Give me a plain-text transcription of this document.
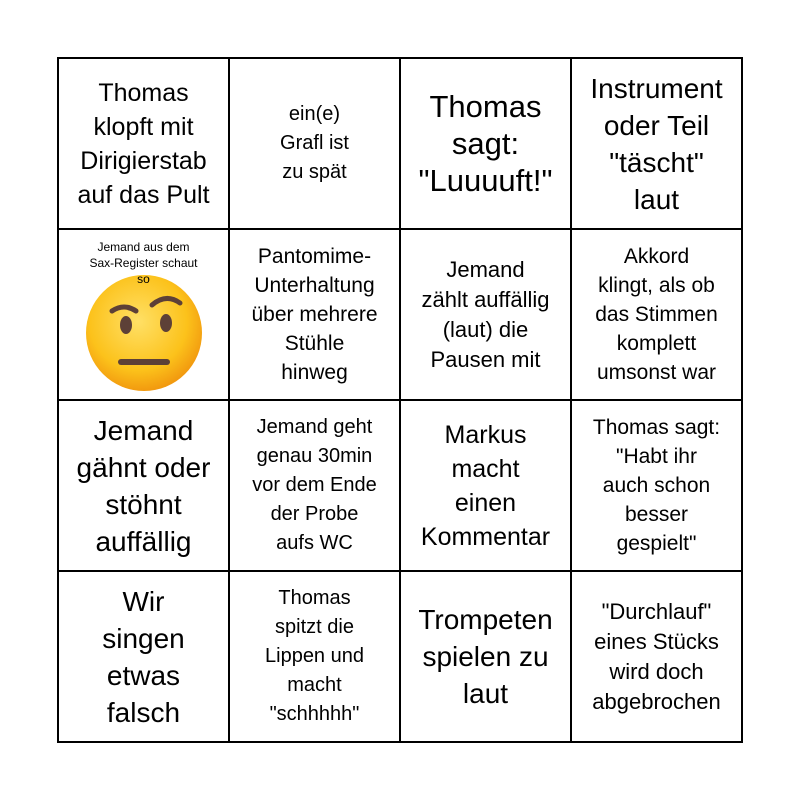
Thomas
klopft mit
Dirigierstab
auf das Pult
ein(e)
Grafl ist
zu spät
Thomas
sagt:
"Luuuuft!"
Instrument
oder Teil
"täscht"
laut
Jemand aus dem
Sax-Register schaut
so
Pantomime-
Unterhaltung
über mehrere
Stühle
hinweg
Jemand
zählt auffällig
(laut) die
Pausen mit
Akkord
klingt, als ob
das Stimmen
komplett
umsonst war
Jemand
gähnt oder
stöhnt
auffällig
Jemand geht
genau 30min
vor dem Ende
der Probe
aufs WC
Markus
macht
einen
Kommentar
Thomas sagt:
"Habt ihr
auch schon
besser
gespielt"
Wir
singen
etwas
falsch
Thomas
spitzt die
Lippen und
macht
"schhhhh"
Trompeten
spielen zu
laut
"Durchlauf"
eines Stücks
wird doch
abgebrochen
